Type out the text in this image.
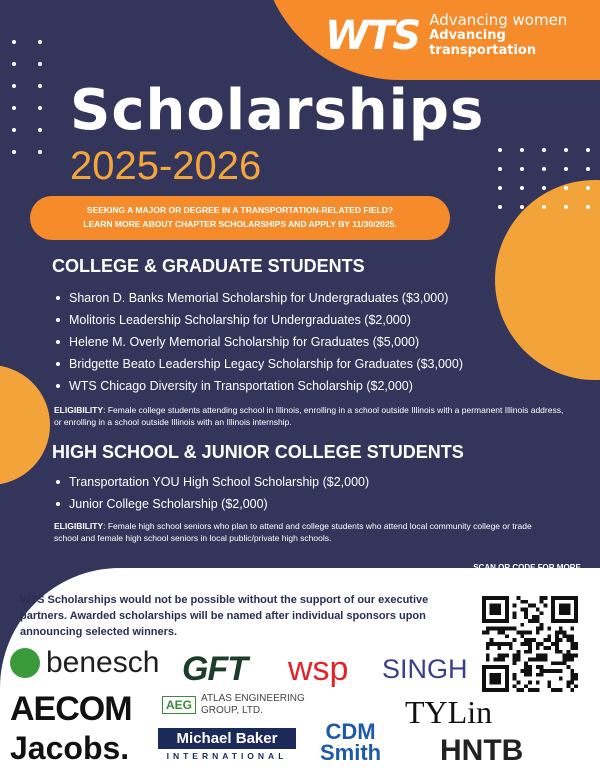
WTS Advancing women
Advancing transportation
Scholarships
2025-2026
SEEKING A MAJOR OR DEGREE IN A TRANSPORTATION-RELATED FIELD?
LEARN MORE ABOUT CHAPTER SCHOLARSHIPS AND APPLY BY 11/30/2025.
COLLEGE & GRADUATE STUDENTS
Sharon D. Banks Memorial Scholarship for Undergraduates ($3,000)
Molitoris Leadership Scholarship for Undergraduates ($2,000)
Helene M. Overly Memorial Scholarship for Graduates ($5,000)
Bridgette Beato Leadership Legacy Scholarship for Graduates ($3,000)
WTS Chicago Diversity in Transportation Scholarship ($2,000)
ELIGIBILITY: Female college students attending school in Illinois, enrolling in a school outside Illinois with a permanent Illinois address, or enrolling in a school outside Illinois with an Illinois internship.
HIGH SCHOOL & JUNIOR COLLEGE STUDENTS
Transportation YOU High School Scholarship ($2,000)
Junior College Scholarship ($2,000)
ELIGIBILITY: Female high school seniors who plan to attend and college students who attend local community college or trade school and female high school seniors in local public/private high schools.
SCAN QR CODE FOR MORE
INFO AND TO APPLY!
WTS Scholarships would not be possible without the support of our executive partners. Awarded scholarships will be named after individual sponsors upon announcing selected winners.
benesch GFT wsp SINGH
AECOM	AEG ATLAS ENGINEERING
GROUP, LTD.	TYLin
Jacobs.	Michael Baker
INTERNATIONAL
CDM
Smith HNTB
